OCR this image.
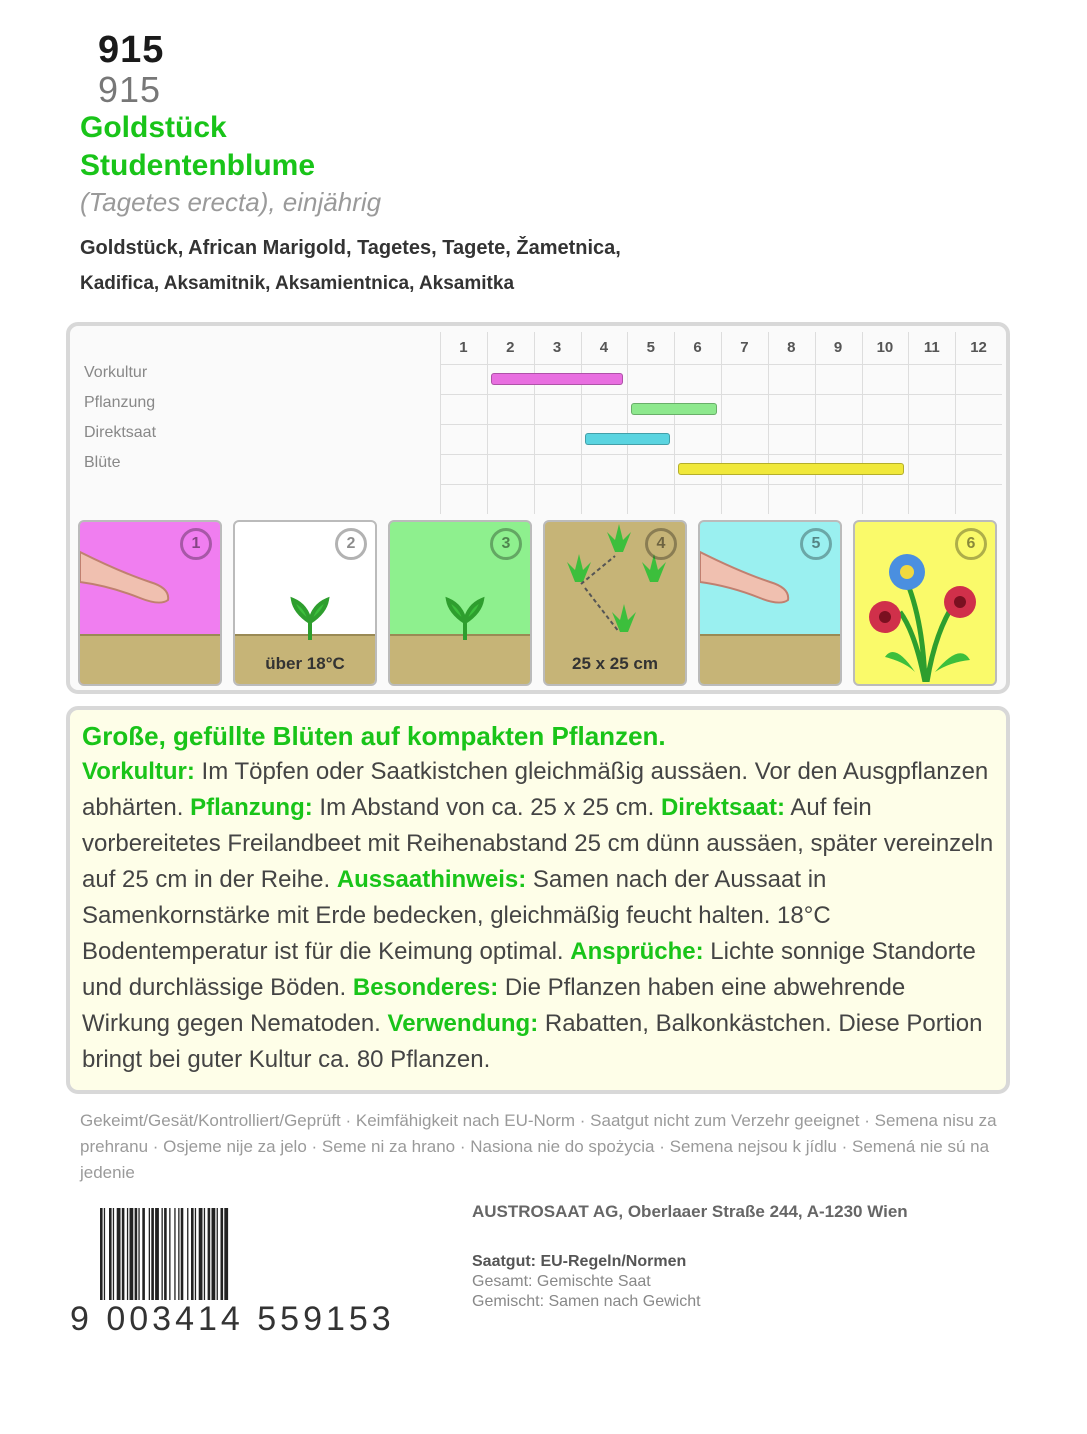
915
915
Goldstück
Studentenblume
(Tagetes erecta), einjährig
Goldstück, African Marigold, Tagetes, Tagete, Žametnica,
Kadifica, Aksamitnik, Aksamientnica, Aksamitka
1	2	3	4	5	6	7	8	9	10	11	12
Vorkultur
Pflanzung
Direktsaat
Blüte
1	2
über 18°C
3	4
25 x 25 cm
5	6
Große, gefüllte Blüten auf kompakten Pflanzen.

Vorkultur: Im Töpfen oder Saatkistchen gleichmäßig aussäen. Vor den Ausgpflanzen abhärten. Pflanzung: Im Abstand von ca. 25 x 25 cm. Direktsaat: Auf fein vorbereitetes Freilandbeet mit Reihenabstand 25 cm dünn aussäen, später vereinzeln auf 25 cm in der Reihe. Aussaathinweis: Samen nach der Aussaat in Samenkornstärke mit Erde bedecken, gleichmäßig feucht halten. 18°C Bodentemperatur ist für die Keimung optimal. Ansprüche: Lichte sonnige Standorte und durchlässige Böden. Besonderes: Die Pflanzen haben eine abwehrende Wirkung gegen Nematoden. Verwendung: Rabatten, Balkonkästchen. Diese Portion bringt bei guter Kultur ca. 80 Pflanzen.

Gekeimt/Gesät/Kontrolliert/Geprüft · Keimfähigkeit nach EU-Norm · Saatgut nicht zum Verzehr geeignet · Semena nisu za prehranu · Osjeme nije za jelo · Seme ni za hrano · Nasiona nie do spożycia · Semena nejsou k jídlu · Semená nie sú na jedenie
9 003414 559153
AUSTROSAAT AG, Oberlaaer Straße 244, A-1230 Wien
Saatgut: EU-Regeln/Normen
Gesamt: Gemischte Saat
Gemischt: Samen nach Gewicht
